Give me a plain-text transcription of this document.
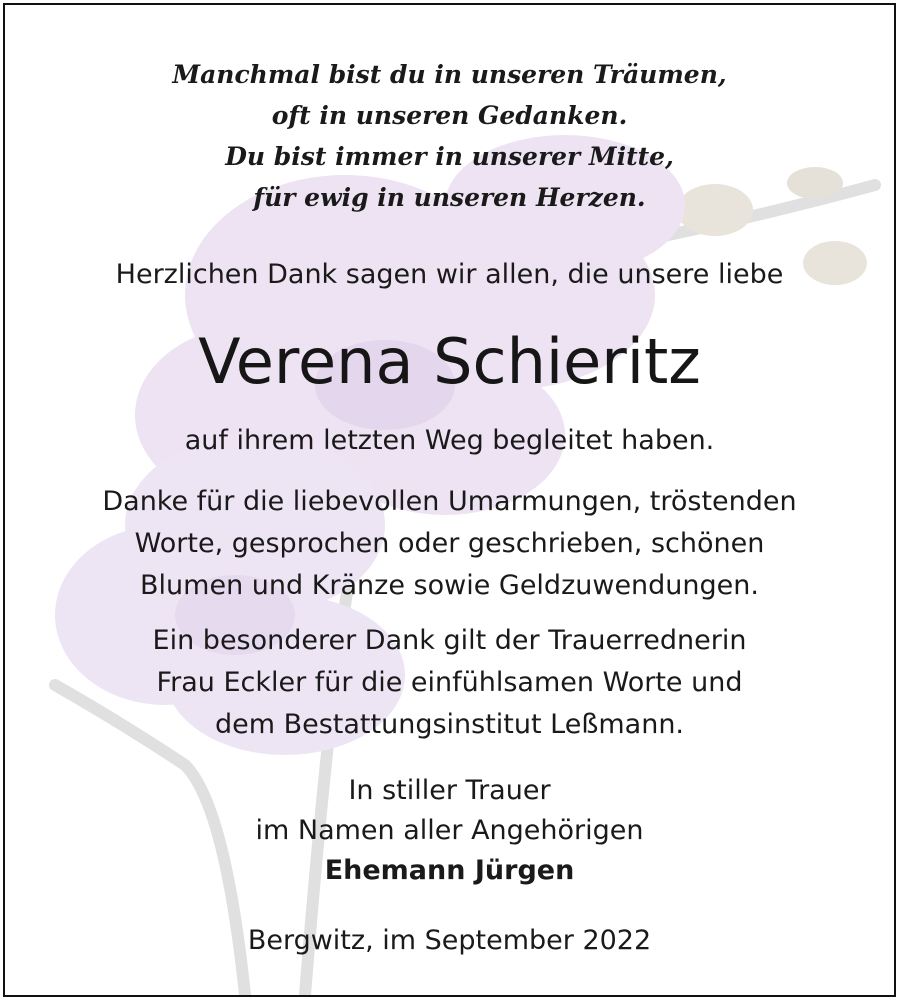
Manchmal bist du in unseren Träumen,
oft in unseren Gedanken.
Du bist immer in unserer Mitte,
für ewig in unseren Herzen.
Herzlichen Dank sagen wir allen, die unsere liebe
Verena Schieritz
auf ihrem letzten Weg begleitet haben.
Danke für die liebevollen Umarmungen, tröstenden
Worte, gesprochen oder geschrieben, schönen
Blumen und Kränze sowie Geldzuwendungen.
Ein besonderer Dank gilt der Trauerrednerin
Frau Eckler für die einfühlsamen Worte und
dem Bestattungsinstitut Leßmann.
In stiller Trauer
im Namen aller Angehörigen
Ehemann Jürgen
Bergwitz, im September 2022
